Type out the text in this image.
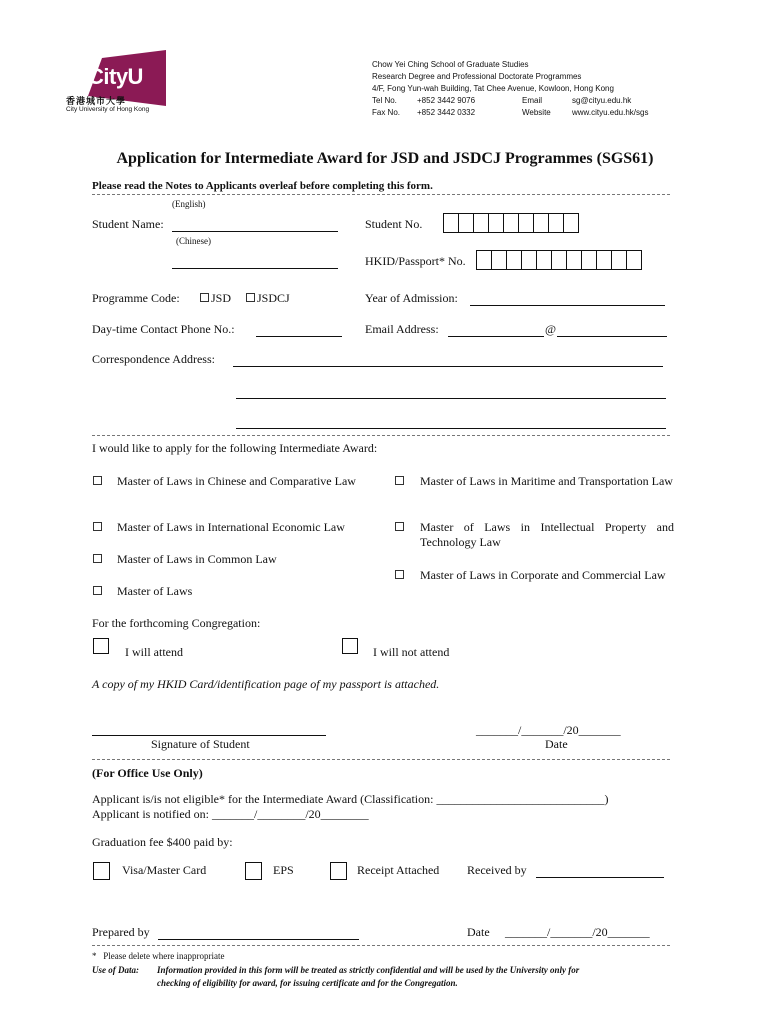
CityU
香港城市大學
City University of Hong Kong
Chow Yei Ching School of Graduate Studies
Research Degree and Professional Doctorate Programmes
4/F, Fong Yun-wah Building, Tat Chee Avenue, Kowloon, Hong Kong
Tel No.	+852 3442 9076	Email	sg@cityu.edu.hk
Fax No. +852 3442 0332	Website	www.cityu.edu.hk/sgs
Application for Intermediate Award for JSD and JSDCJ Programmes (SGS61)
Please read the Notes to Applicants overleaf before completing this form.
(English)
Student Name:	Student No.
(Chinese)
HKID/Passport* No.
Programme Code:	JSD JSDCJ	Year of Admission:
Day-time Contact Phone No.:	Email Address:	@
Correspondence Address:
I would like to apply for the following Intermediate Award:
Master of Laws in Chinese and Comparative Law
Master of Laws in International Economic Law
Master of Laws in Common Law
Master of Laws
Master of Laws in Maritime and Transportation Law
Master of Laws in Intellectual Property and Technology Law
Master of Laws in Corporate and Commercial Law
For the forthcoming Congregation:
I will attend	I will not attend
A copy of my HKID Card/identification page of my passport is attached.
Signature of Student
_______/_______/20_______
Date
(For Office Use Only)
Applicant is/is not eligible* for the Intermediate Award (Classification: ____________________________)
Applicant is notified on: _______/________/20________
Graduation fee $400 paid by:
Visa/Master Card	EPS	Receipt Attached Received by
Prepared by	Date _______/_______/20_______
*   Please delete where inappropriate
Use of Data: Information provided in this form will be treated as strictly confidential and will be used by the University only for
checking of eligibility for award, for issuing certificate and for the Congregation.
